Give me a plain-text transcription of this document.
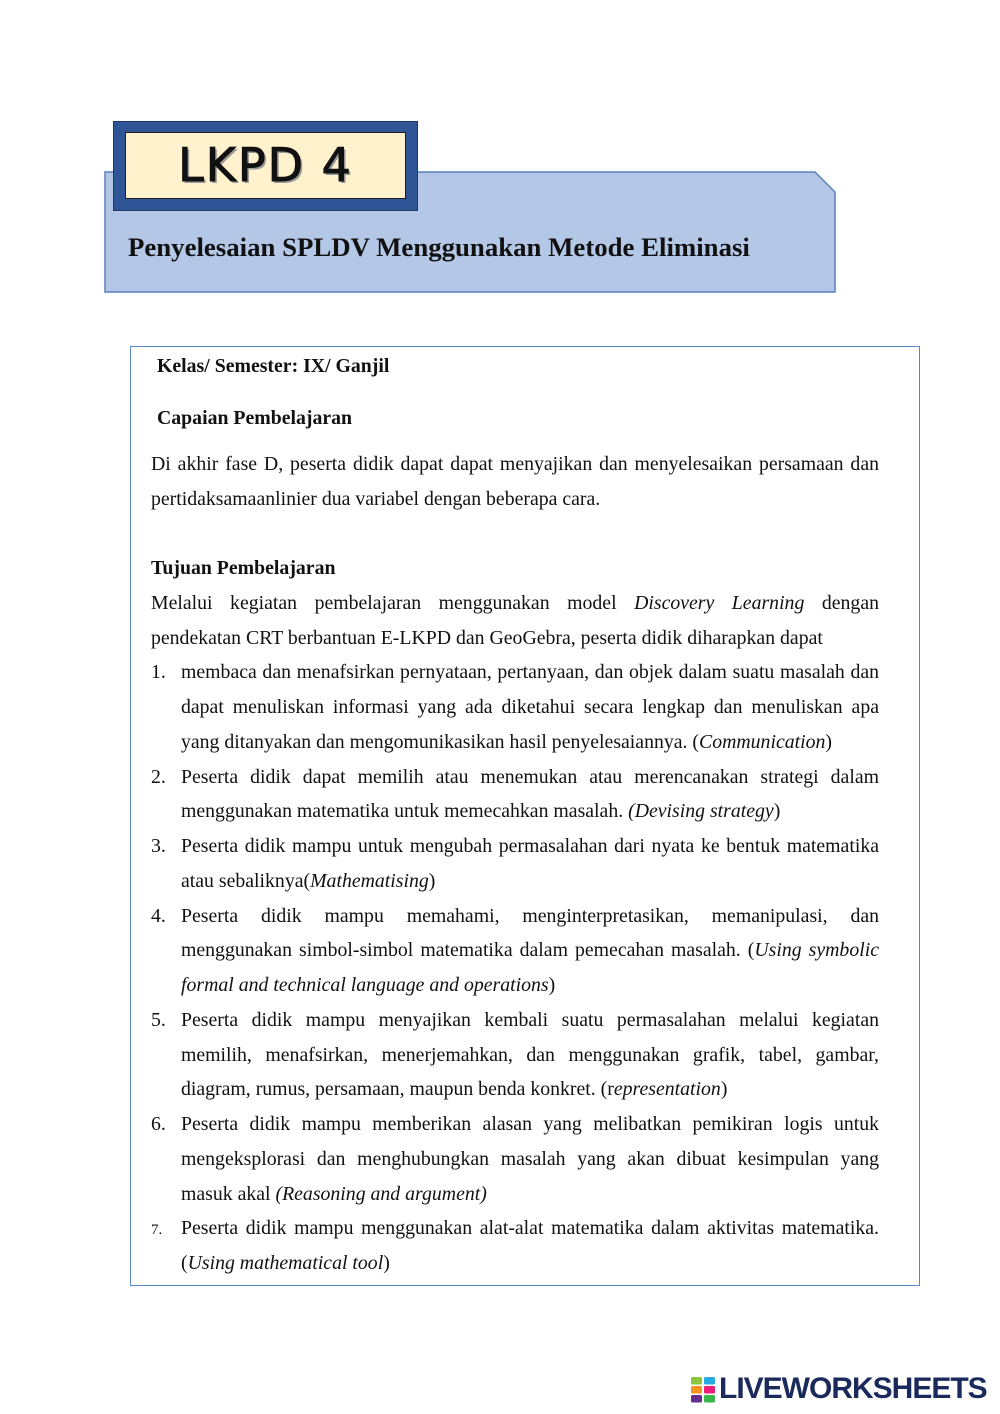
LKPD 4
Penyelesaian SPLDV Menggunakan Metode Eliminasi
Kelas/ Semester: IX/ Ganjil
Capaian Pembelajaran
Di akhir fase D, peserta didik dapat dapat menyajikan dan menyelesaikan persamaan dan
pertidaksamaanlinier dua variabel dengan beberapa cara.
Tujuan Pembelajaran
Melalui kegiatan pembelajaran menggunakan model Discovery Learning dengan
pendekatan CRT berbantuan E-LKPD dan GeoGebra, peserta didik diharapkan dapat
1. membaca dan menafsirkan pernyataan, pertanyaan, dan objek dalam suatu masalah dan
dapat menuliskan informasi yang ada diketahui secara lengkap dan menuliskan apa
yang ditanyakan dan mengomunikasikan hasil penyelesaiannya. (Communication)
2. Peserta didik dapat memilih atau menemukan atau merencanakan strategi dalam
menggunakan matematika untuk memecahkan masalah. (Devising strategy)
3. Peserta didik mampu untuk mengubah permasalahan dari nyata ke bentuk matematika
atau sebaliknya(Mathematising)
4. Peserta didik mampu memahami, menginterpretasikan, memanipulasi, dan
menggunakan simbol-simbol matematika dalam pemecahan masalah. (Using symbolic
formal and technical language and operations)
5. Peserta didik mampu menyajikan kembali suatu permasalahan melalui kegiatan
memilih, menafsirkan, menerjemahkan, dan menggunakan grafik, tabel, gambar,
diagram, rumus, persamaan, maupun benda konkret. (representation)
6. Peserta didik mampu memberikan alasan yang melibatkan pemikiran logis untuk
mengeksplorasi dan menghubungkan masalah yang akan dibuat kesimpulan yang
masuk akal (Reasoning and argument)
7. Peserta didik mampu menggunakan alat-alat matematika dalam aktivitas matematika.
(Using mathematical tool)
LIVEWORKSHEETS
